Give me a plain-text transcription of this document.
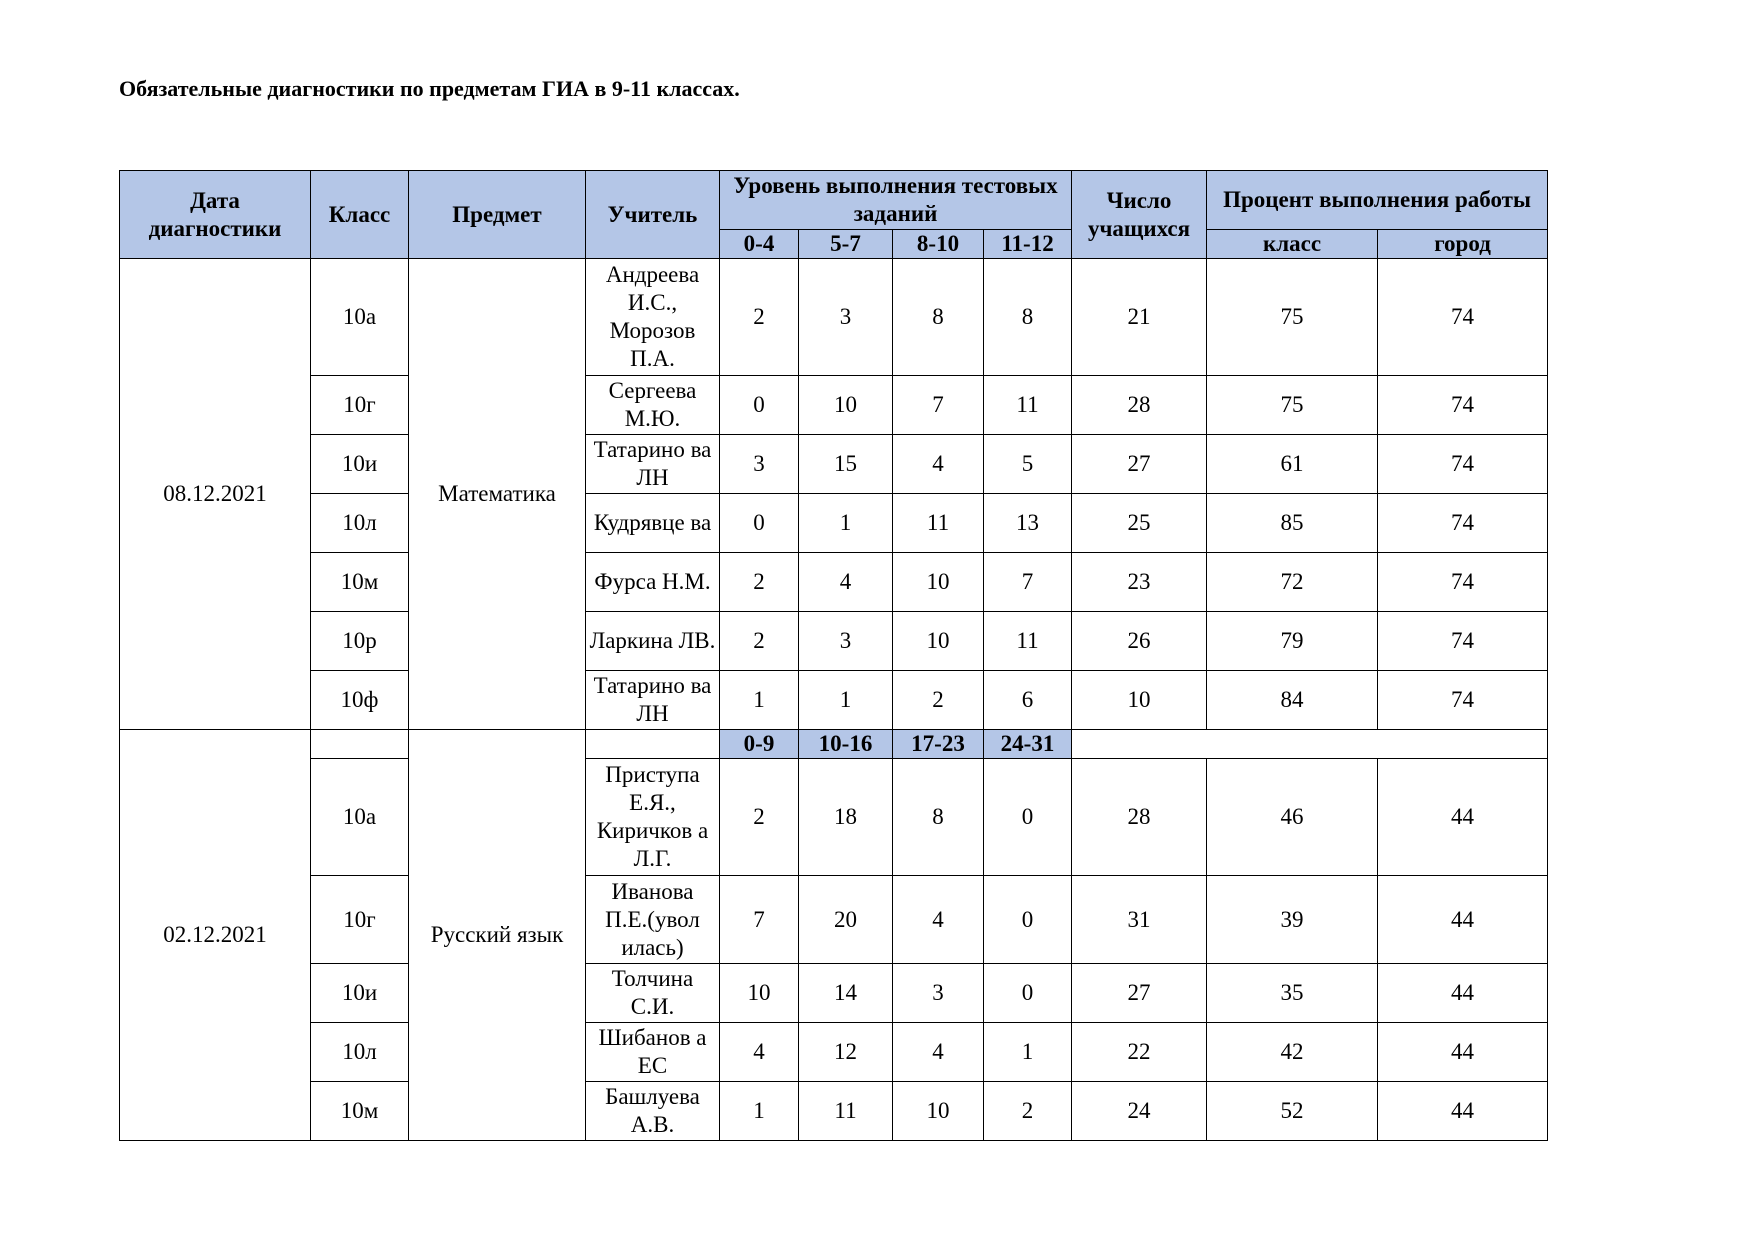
Обязательные диагностики по предметам ГИА в 9-11 классах.
Дата диагностики	Класс	Предмет	Учитель	Уровень выполнения тестовых заданий				Число учащихся	Процент выполнения работы	
				0-4	5-7	8-10	11-12		класс	город
08.12.2021	10а	Математика	Андреева И.С., Морозов П.А.	2	3	8	8	21	75	74
	10г		Сергеева М.Ю.	0	10	7	11	28	75	74
	10и		Татарино ва ЛН	3	15	4	5	27	61	74
	10л		Кудрявцe ва	0	1	11	13	25	85	74
	10м		Фурса Н.М.	2	4	10	7	23	72	74
	10р		Ларкина ЛВ.	2	3	10	11	26	79	74
	10ф		Татарино ва ЛН	1	1	2	6	10	84	74
02.12.2021		Русский язык		0-9	10-16	17-23	24-31			
	10а		Приступа Е.Я., Киричков а Л.Г.	2	18	8	0	28	46	44
	10г		Иванова П.Е.(увол илась)	7	20	4	0	31	39	44
	10и		Толчина С.И.	10	14	3	0	27	35	44
	10л		Шибанов а ЕС	4	12	4	1	22	42	44
	10м		Башлуева А.В.	1	11	10	2	24	52	44
